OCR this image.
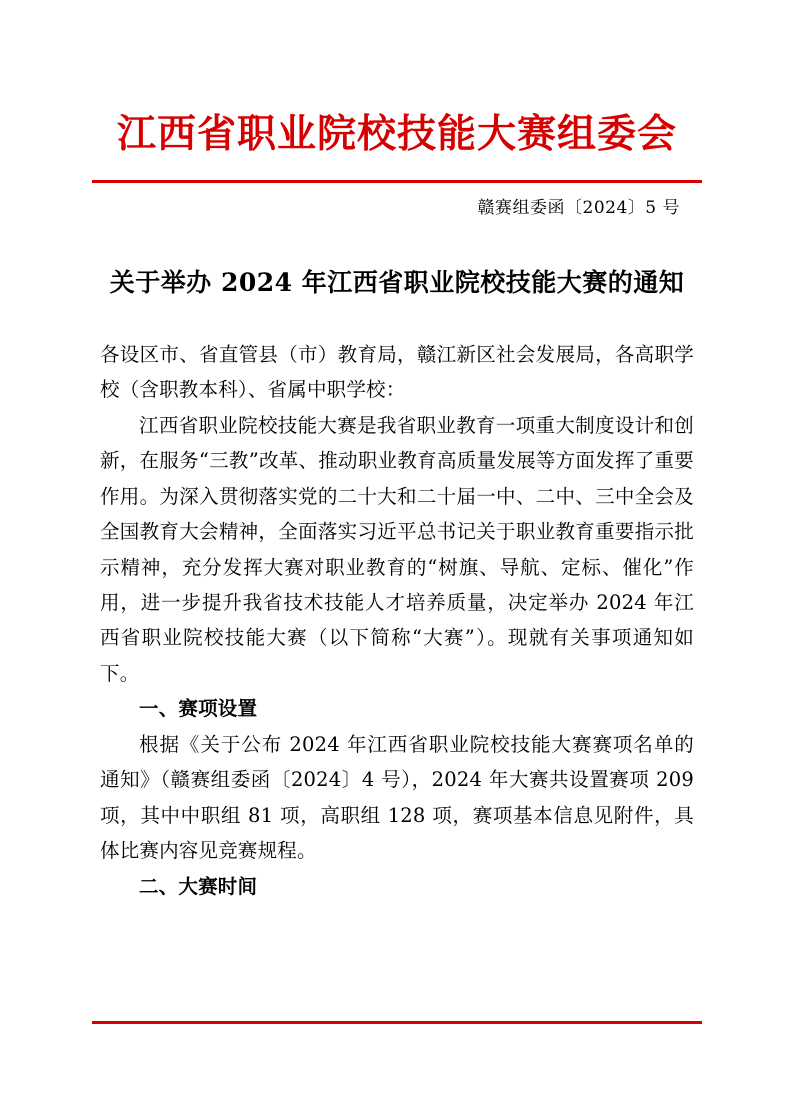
江西省职业院校技能大赛组委会
赣赛组委函〔2024〕5 号
关于举办 2024 年江西省职业院校技能大赛的通知

各设区市、省直管县（市）教育局，赣江新区社会发展局，各高职学校（含职教本科）、省属中职学校：

江西省职业院校技能大赛是我省职业教育一项重大制度设计和创新，在服务“三教”改革、推动职业教育高质量发展等方面发挥了重要作用。为深入贯彻落实党的二十大和二十届一中、二中、三中全会及全国教育大会精神，全面落实习近平总书记关于职业教育重要指示批示精神，充分发挥大赛对职业教育的“树旗、导航、定标、催化”作用，进一步提升我省技术技能人才培养质量，决定举办 2024 年江西省职业院校技能大赛（以下简称“大赛”）。现就有关事项通知如下。

一、赛项设置

根据《关于公布 2024 年江西省职业院校技能大赛赛项名单的通知》（赣赛组委函〔2024〕4 号），2024 年大赛共设置赛项 209 项，其中中职组 81 项，高职组 128 项，赛项基本信息见附件，具体比赛内容见竞赛规程。

二、大赛时间
